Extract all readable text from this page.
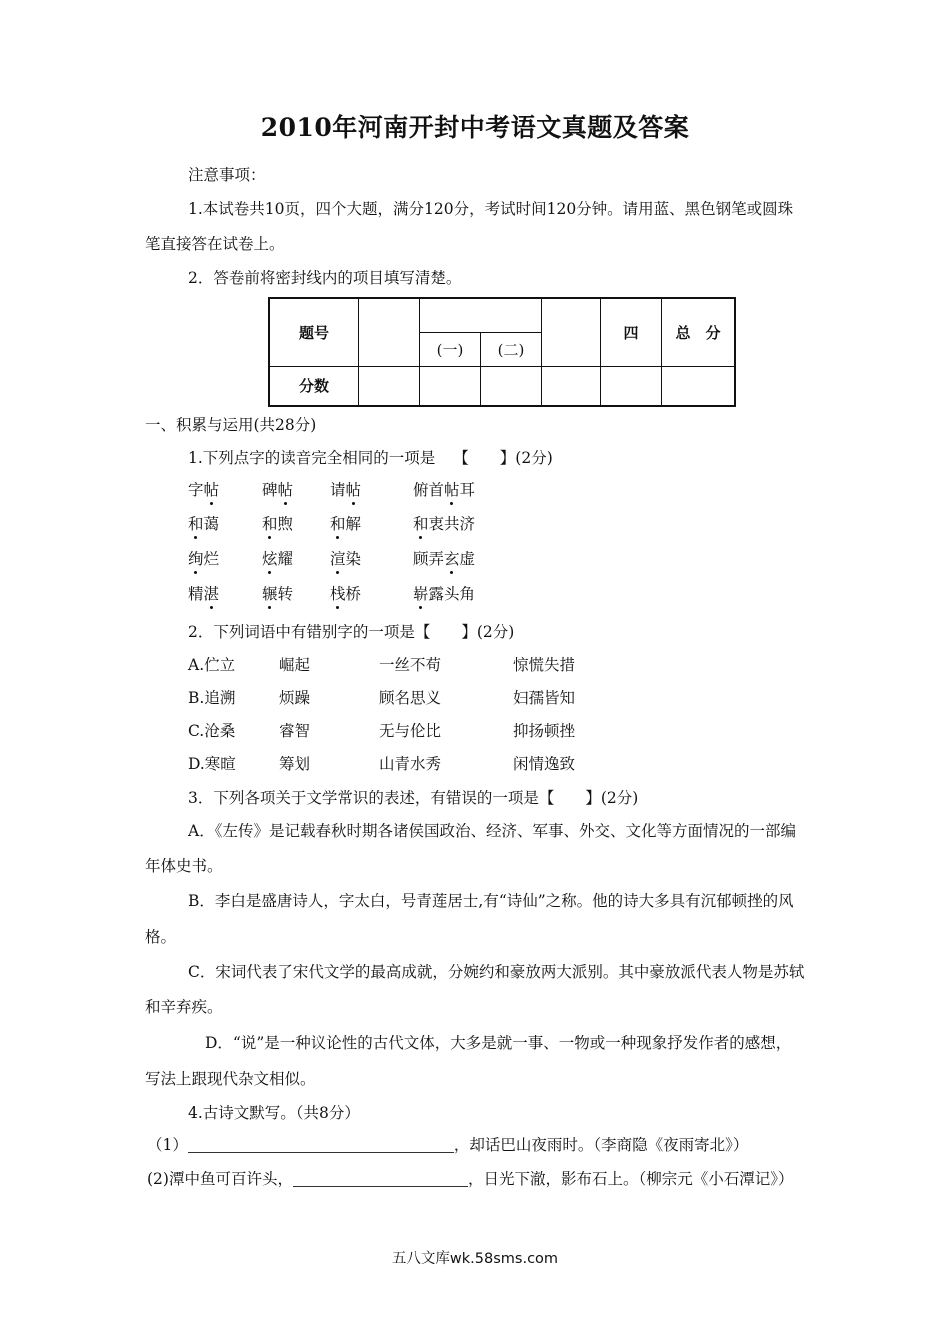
2010年河南开封中考语文真题及答案
注意事项：
1.本试卷共10页，四个大题，满分120分，考试时间120分钟。请用蓝、黑色钢笔或圆珠
笔直接答在试卷上。
2．答卷前将密封线内的项目填写清楚。
题号					四	总　分
		(一)	(二)			
分数						
一、积累与运用(共28分)
1.下列点字的读音完全相同的一项是 【　　】(2分)
字帖	碑帖 请帖	俯首帖耳
和蔼	和煦 和解	和衷共济
绚烂	炫耀 渲染	顾弄玄虚
精湛	辗转 栈桥	崭露头角
2．下列词语中有错别字的一项是【　　】(2分)
A.伫立	崛起	一丝不苟	惊慌失措
B.追溯	烦躁	顾名思义	妇孺皆知
C.沧桑	睿智	无与伦比	抑扬顿挫
D.寒暄	筹划	山青水秀	闲情逸致
3．下列各项关于文学常识的表述，有错误的一项是【　　】(2分)
A．《左传》是记载春秋时期各诸侯国政治、经济、军事、外交、文化等方面情况的一部编
年体史书。
B．李白是盛唐诗人，字太白，号青莲居士,有“诗仙”之称。他的诗大多具有沉郁顿挫的风
格。
C．宋词代表了宋代文学的最高成就，分婉约和豪放两大派别。其中豪放派代表人物是苏轼
和辛弃疾。
D．“说”是一种议论性的古代文体，大多是就一事、一物或一种现象抒发作者的感想，
写法上跟现代杂文相似。
4.古诗文默写。（共8分）
（1）	，却话巴山夜雨时。（李商隐《夜雨寄北》）
(2)潭中鱼可百许头，	，日光下澈，影布石上。（柳宗元《小石潭记》）
五八文库wk.58sms.com
